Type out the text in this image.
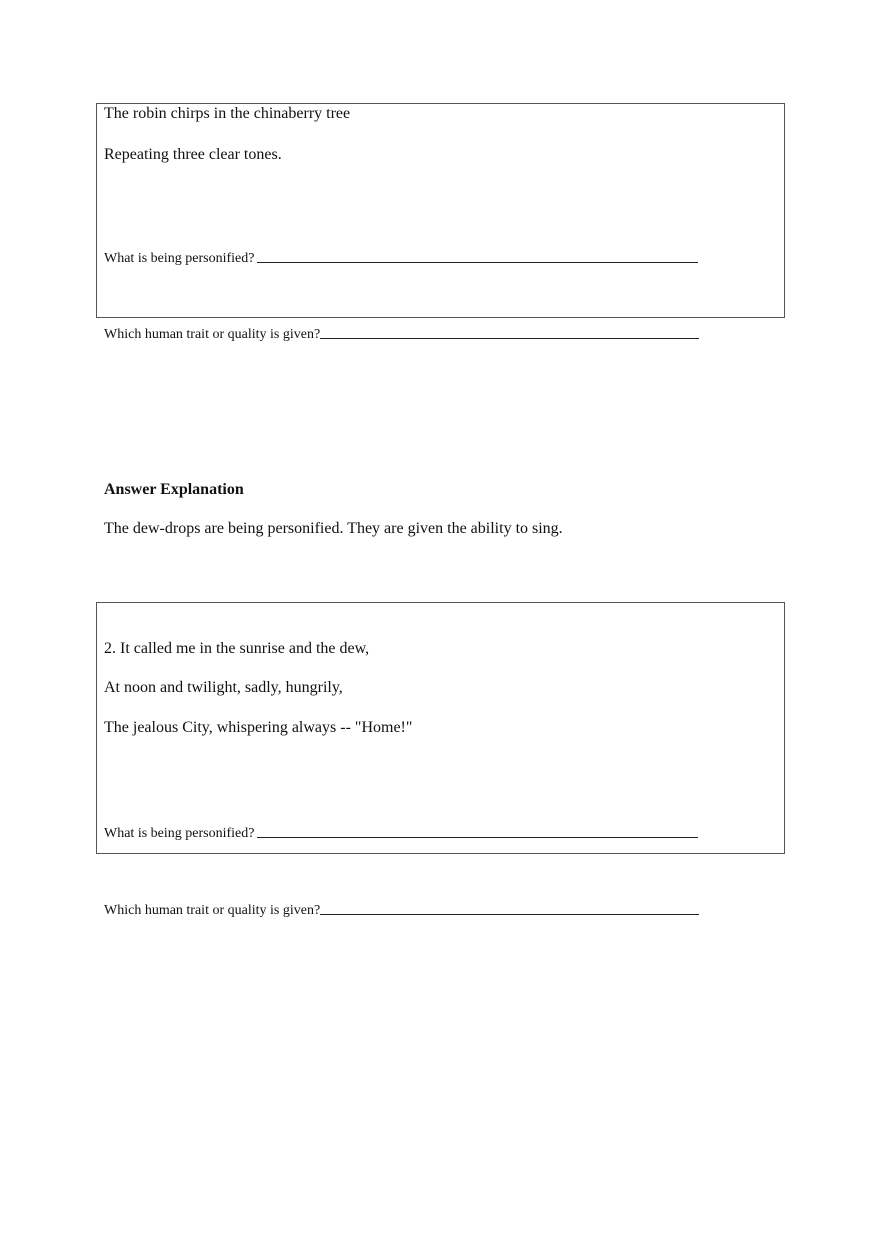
The robin chirps in the chinaberry tree
Repeating three clear tones.
What is being personified?
Which human trait or quality is given?
Answer Explanation
The dew-drops are being personified. They are given the ability to sing.
2. It called me in the sunrise and the dew,
At noon and twilight, sadly, hungrily,
The jealous City, whispering always -- "Home!"
What is being personified?
Which human trait or quality is given?
